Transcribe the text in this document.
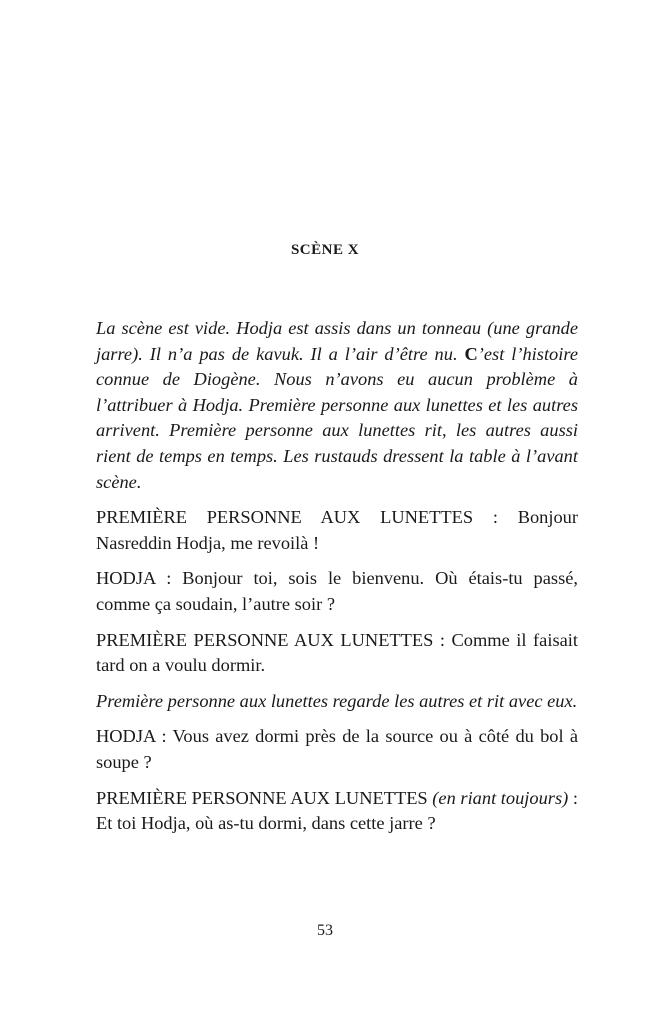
SCÈNE X

La scène est vide. Hodja est assis dans un tonneau (une grande jarre). Il n’a pas de kavuk. Il a l’air d’être nu. C’est l’histoire connue de Diogène. Nous n’avons eu aucun problème à l’attribuer à Hodja. Première personne aux lunettes et les autres arrivent. Première personne aux lunettes rit, les autres aussi rient de temps en temps. Les rustauds dressent la table à l’avant scène.

PREMIÈRE PERSONNE AUX LUNETTES : Bonjour Nasreddin Hodja, me revoilà !

HODJA : Bonjour toi, sois le bienvenu. Où étais-tu passé, comme ça soudain, l’autre soir ?

PREMIÈRE PERSONNE AUX LUNETTES : Comme il faisait tard on a voulu dormir.

Première personne aux lunettes regarde les autres et rit avec eux.

HODJA : Vous avez dormi près de la source ou à côté du bol à soupe ?

PREMIÈRE PERSONNE AUX LUNETTES (en riant toujours) : Et toi Hodja, où as-tu dormi, dans cette jarre ?

53
